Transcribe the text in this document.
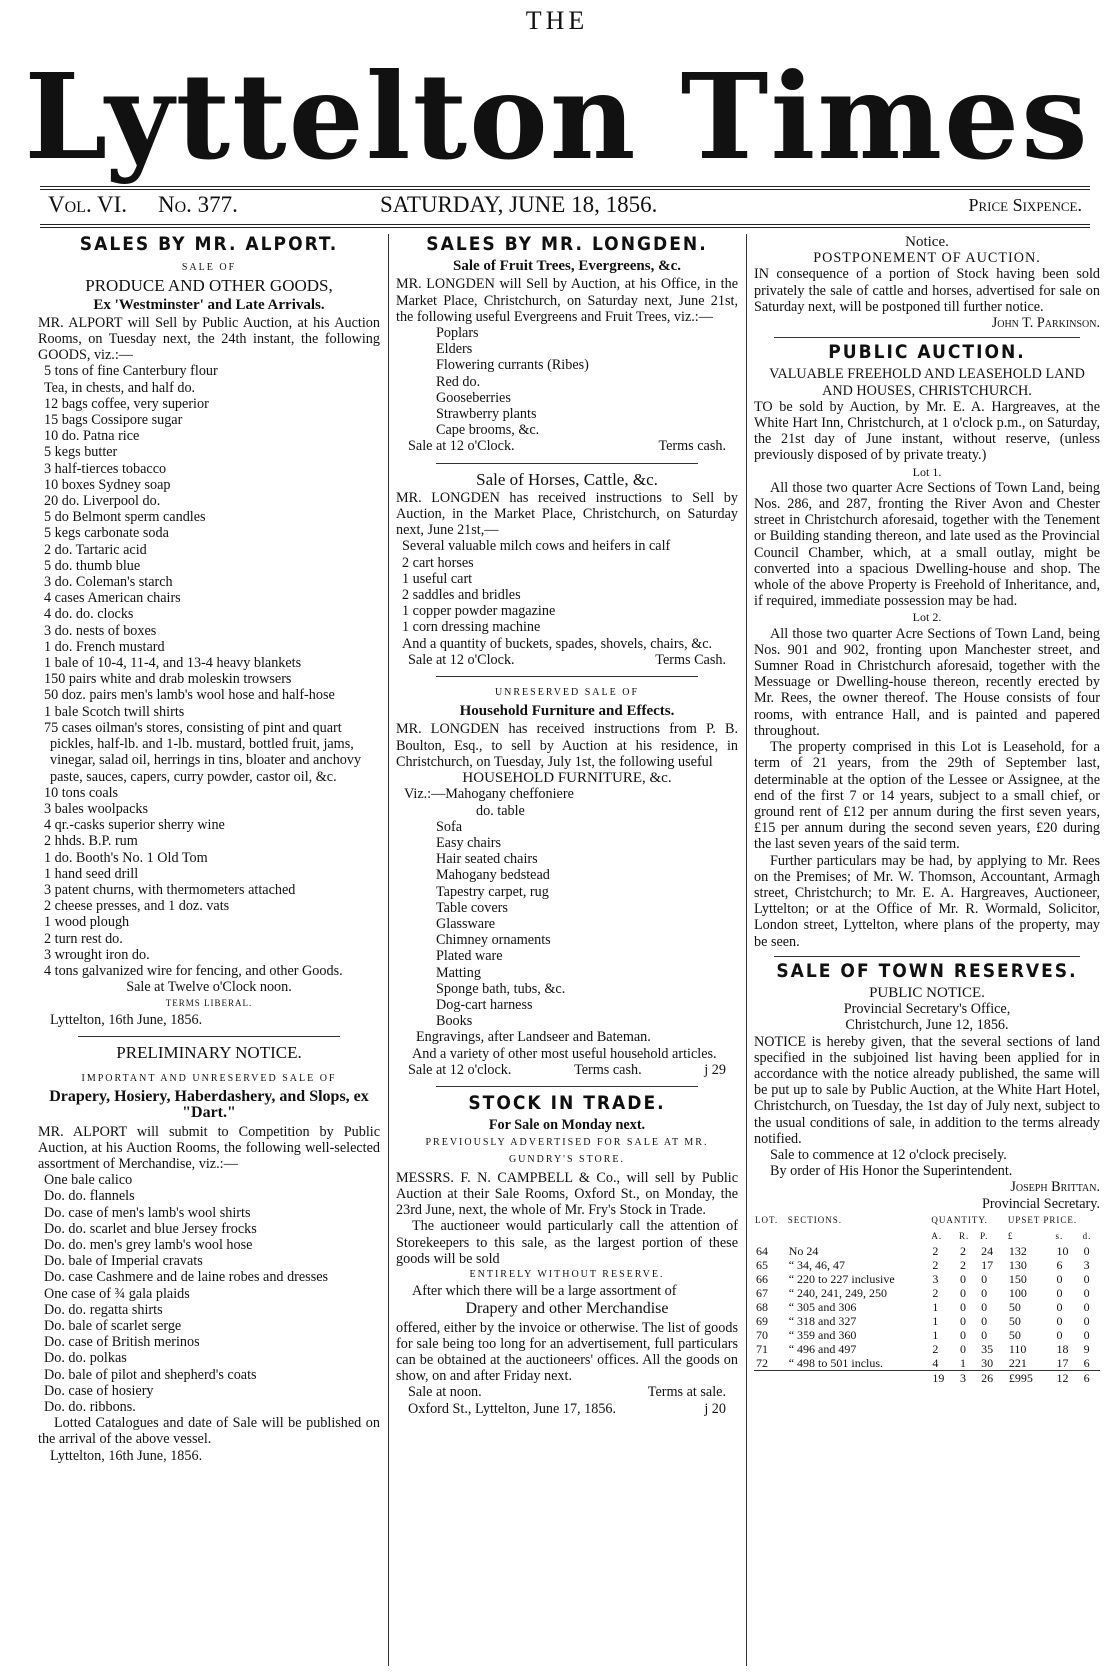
THE
Lyttelton Times
Vol. VI. No. 377.	SATURDAY, JUNE 18, 1856.	Price Sixpence.
SALES BY MR. ALPORT.
SALE OF
PRODUCE AND OTHER GOODS,
Ex 'Westminster' and Late Arrivals.

MR. ALPORT will Sell by Public Auction, at his Auction Rooms, on Tuesday next, the 24th instant, the following GOODS, viz.:—

5 tons of fine Canterbury flour
Tea, in chests, and half do.
12 bags coffee, very superior
15 bags Cossipore sugar
10 do. Patna rice
5 kegs butter
3 half-tierces tobacco
10 boxes Sydney soap
20 do. Liverpool do.
5 do Belmont sperm candles
5 kegs carbonate soda
2 do. Tartaric acid
5 do. thumb blue
3 do. Coleman's starch
4 cases American chairs
4 do. do. clocks
3 do. nests of boxes
1 do. French mustard
1 bale of 10-4, 11-4, and 13-4 heavy blankets
150 pairs white and drab moleskin trowsers
50 doz. pairs men's lamb's wool hose and half-hose
1 bale Scotch twill shirts
75 cases oilman's stores, consisting of pint and quart pickles, half-lb. and 1-lb. mustard, bottled fruit, jams, vinegar, salad oil, herrings in tins, bloater and anchovy paste, sauces, capers, curry powder, castor oil, &c.
10 tons coals
3 bales woolpacks
4 qr.-casks superior sherry wine
2 hhds. B.P. rum
1 do. Booth's No. 1 Old Tom
1 hand seed drill
3 patent churns, with thermometers attached
2 cheese presses, and 1 doz. vats
1 wood plough
2 turn rest do.
3 wrought iron do.
4 tons galvanized wire for fencing, and other Goods.
Sale at Twelve o'Clock noon.
TERMS LIBERAL.
Lyttelton, 16th June, 1856.
PRELIMINARY NOTICE.
IMPORTANT AND UNRESERVED SALE OF
Drapery, Hosiery, Haberdashery, and Slops, ex "Dart."

MR. ALPORT will submit to Competition by Public Auction, at his Auction Rooms, the following well-selected assortment of Merchandise, viz.:—

One bale calico
Do. do. flannels
Do. case of men's lamb's wool shirts
Do. do. scarlet and blue Jersey frocks
Do. do. men's grey lamb's wool hose
Do. bale of Imperial cravats
Do. case Cashmere and de laine robes and dresses
One case of ¾ gala plaids
Do. do. regatta shirts
Do. bale of scarlet serge
Do. case of British merinos
Do. do. polkas
Do. bale of pilot and shepherd's coats
Do. case of hosiery
Do. do. ribbons.

Lotted Catalogues and date of Sale will be published on the arrival of the above vessel.

Lyttelton, 16th June, 1856.
SALES BY MR. LONGDEN.
Sale of Fruit Trees, Evergreens, &c.

MR. LONGDEN will Sell by Auction, at his Office, in the Market Place, Christchurch, on Saturday next, June 21st, the following useful Evergreens and Fruit Trees, viz.:—

Poplars
Elders
Flowering currants (Ribes)
Red do.
Gooseberries
Strawberry plants
Cape brooms, &c.
Sale at 12 o'Clock.	Terms cash.
Sale of Horses, Cattle, &c.

MR. LONGDEN has received instructions to Sell by Auction, in the Market Place, Christchurch, on Saturday next, June 21st,—

Several valuable milch cows and heifers in calf
2 cart horses
1 useful cart
2 saddles and bridles
1 copper powder magazine
1 corn dressing machine
And a quantity of buckets, spades, shovels, chairs, &c.
Sale at 12 o'Clock.	Terms Cash.
UNRESERVED SALE OF
Household Furniture and Effects.

MR. LONGDEN has received instructions from P. B. Boulton, Esq., to sell by Auction at his residence, in Christchurch, on Tuesday, July 1st, the following useful

HOUSEHOLD FURNITURE, &c.
Viz.:—Mahogany cheffoniere
do. table
Sofa
Easy chairs
Hair seated chairs
Mahogany bedstead
Tapestry carpet, rug
Table covers
Glassware
Chimney ornaments
Plated ware
Matting
Sponge bath, tubs, &c.
Dog-cart harness
Books
Engravings, after Landseer and Bateman.

And a variety of other most useful household articles.

Sale at 12 o'clock.	Terms cash.	j 29
STOCK IN TRADE.
For Sale on Monday next.
PREVIOUSLY ADVERTISED FOR SALE AT MR. GUNDRY'S STORE.

MESSRS. F. N. CAMPBELL & Co., will sell by Public Auction at their Sale Rooms, Oxford St., on Monday, the 23rd June, next, the whole of Mr. Fry's Stock in Trade.

The auctioneer would particularly call the attention of Storekeepers to this sale, as the largest portion of these goods will be sold

ENTIRELY WITHOUT RESERVE.

After which there will be a large assortment of

Drapery and other Merchandise

offered, either by the invoice or otherwise. The list of goods for sale being too long for an advertisement, full particulars can be obtained at the auctioneers' offices. All the goods on show, on and after Friday next.

Sale at noon.	Terms at sale.
Oxford St., Lyttelton, June 17, 1856.	j 20
Notice.
POSTPONEMENT OF AUCTION.

IN consequence of a portion of Stock having been sold privately the sale of cattle and horses, advertised for sale on Saturday next, will be postponed till further notice.

John T. Parkinson.
PUBLIC AUCTION.
VALUABLE FREEHOLD AND LEASEHOLD LAND AND HOUSES, CHRISTCHURCH.

TO be sold by Auction, by Mr. E. A. Hargreaves, at the White Hart Inn, Christchurch, at 1 o'clock p.m., on Saturday, the 21st day of June instant, without reserve, (unless previously disposed of by private treaty.)

Lot 1.

All those two quarter Acre Sections of Town Land, being Nos. 286, and 287, fronting the River Avon and Chester street in Christchurch aforesaid, together with the Tenement or Building standing thereon, and late used as the Provincial Council Chamber, which, at a small outlay, might be converted into a spacious Dwelling-house and shop. The whole of the above Property is Freehold of Inheritance, and, if required, immediate possession may be had.

Lot 2.

All those two quarter Acre Sections of Town Land, being Nos. 901 and 902, fronting upon Manchester street, and Sumner Road in Christchurch aforesaid, together with the Messuage or Dwelling-house thereon, recently erected by Mr. Rees, the owner thereof. The House consists of four rooms, with entrance Hall, and is painted and papered throughout.

The property comprised in this Lot is Leasehold, for a term of 21 years, from the 29th of September last, determinable at the option of the Lessee or Assignee, at the end of the first 7 or 14 years, subject to a small chief, or ground rent of £12 per annum during the first seven years, £15 per annum during the second seven years, £20 during the last seven years of the said term.

Further particulars may be had, by applying to Mr. Rees on the Premises; of Mr. W. Thomson, Accountant, Armagh street, Christchurch; to Mr. E. A. Hargreaves, Auctioneer, Lyttelton; or at the Office of Mr. R. Wormald, Solicitor, London street, Lyttelton, where plans of the property, may be seen.

SALE OF TOWN RESERVES.
PUBLIC NOTICE.
Provincial Secretary's Office,
Christchurch, June 12, 1856.

NOTICE is hereby given, that the several sections of land specified in the subjoined list having been applied for in accordance with the notice already published, the same will be put up to sale by Public Auction, at the White Hart Hotel, Christchurch, on Tuesday, the 1st day of July next, subject to the usual conditions of sale, in addition to the terms already notified.

Sale to commence at 12 o'clock precisely.
By order of His Honor the Superintendent.
Joseph Brittan.
Provincial Secretary.
LOT.	SECTIONS.	QUANTITY.			UPSET PRICE.		
		A.	R.	P.	£	s.	d.
64	No 24	2	2	24	132	10	0
65	“ 34, 46, 47	2	2	17	130	6	3
66	“ 220 to 227 inclusive	3	0	0	150	0	0
67	“ 240, 241, 249, 250	2	0	0	100	0	0
68	“ 305 and 306	1	0	0	50	0	0
69	“ 318 and 327	1	0	0	50	0	0
70	“ 359 and 360	1	0	0	50	0	0
71	“ 496 and 497	2	0	35	110	18	9
72	“ 498 to 501 inclus.	4	1	30	221	17	6
		19	3	26	£995	12	6
